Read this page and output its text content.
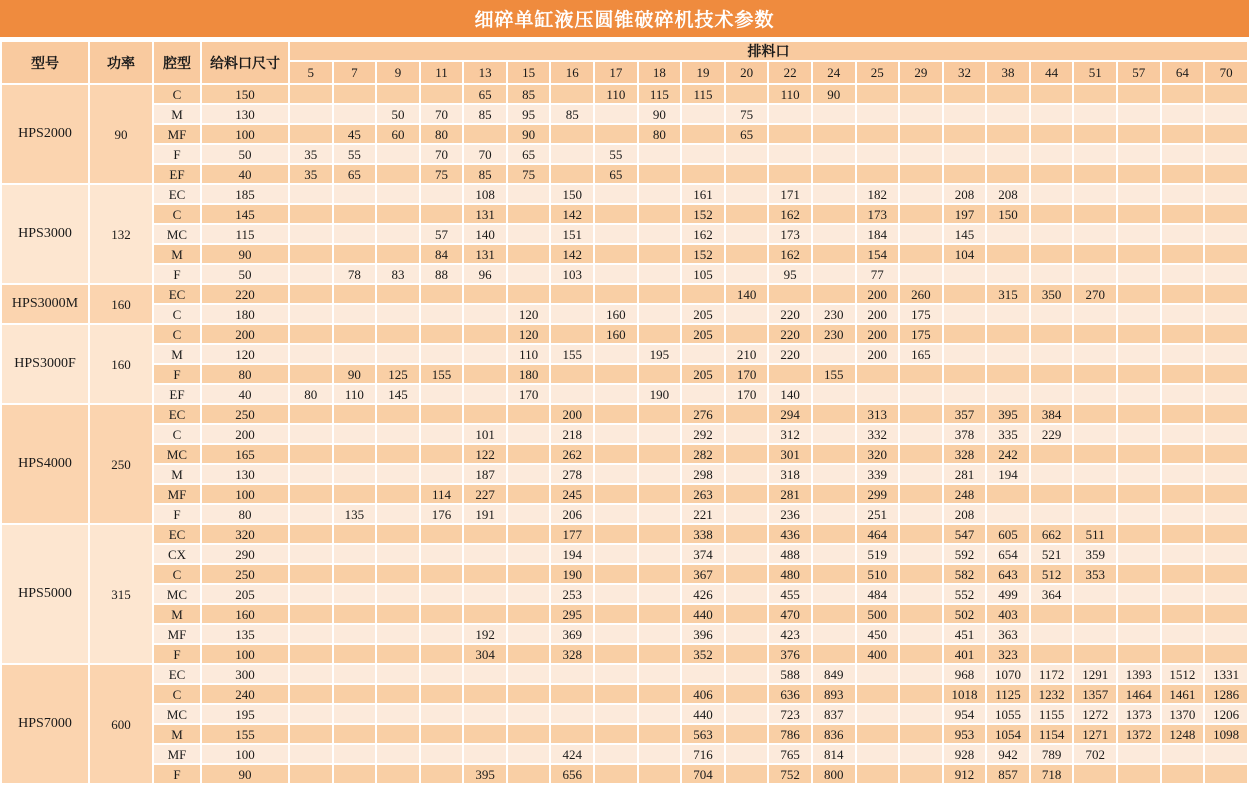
细碎单缸液压圆锥破碎机技术参数
型号	功率	腔型	给料口尺寸	排料口																					
				5	7	9	11	13	15	16	17	18	19	20	22	24	25	29	32	38	44	51	57	64	70
HPS2000	90	C	150					65	85		110	115	115		110	90									
		M	130			50	70	85	95	85		90		75											
		MF	100		45	60	80		90			80		65											
		F	50	35	55		70	70	65		55														
		EF	40	35	65		75	85	75		65														
HPS3000	132	EC	185					108		150			161		171		182		208	208					
		C	145					131		142			152		162		173		197	150					
		MC	115				57	140		151			162		173		184		145						
		M	90				84	131		142			152		162		154		104						
		F	50		78	83	88	96		103			105		95		77								
HPS3000M	160	EC	220											140			200	260		315	350	270			
		C	180						120		160		205		220	230	200	175							
HPS3000F	160	C	200						120		160		205		220	230	200	175							
		M	120						110	155		195		210	220		200	165							
		F	80		90	125	155		180				205	170		155									
		EF	40	80	110	145			170			190		170	140										
HPS4000	250	EC	250							200			276		294		313		357	395	384				
		C	200					101		218			292		312		332		378	335	229				
		MC	165					122		262			282		301		320		328	242					
		M	130					187		278			298		318		339		281	194					
		MF	100				114	227		245			263		281		299		248						
		F	80		135		176	191		206			221		236		251		208						
HPS5000	315	EC	320							177			338		436		464		547	605	662	511			
		CX	290							194			374		488		519		592	654	521	359			
		C	250							190			367		480		510		582	643	512	353			
		MC	205							253			426		455		484		552	499	364				
		M	160							295			440		470		500		502	403					
		MF	135					192		369			396		423		450		451	363					
		F	100					304		328			352		376		400		401	323					
HPS7000	600	EC	300												588	849			968	1070	1172	1291	1393	1512	1331
		C	240										406		636	893			1018	1125	1232	1357	1464	1461	1286
		MC	195										440		723	837			954	1055	1155	1272	1373	1370	1206
		M	155										563		786	836			953	1054	1154	1271	1372	1248	1098
		MF	100							424			716		765	814			928	942	789	702			
		F	90					395		656			704		752	800			912	857	718				
